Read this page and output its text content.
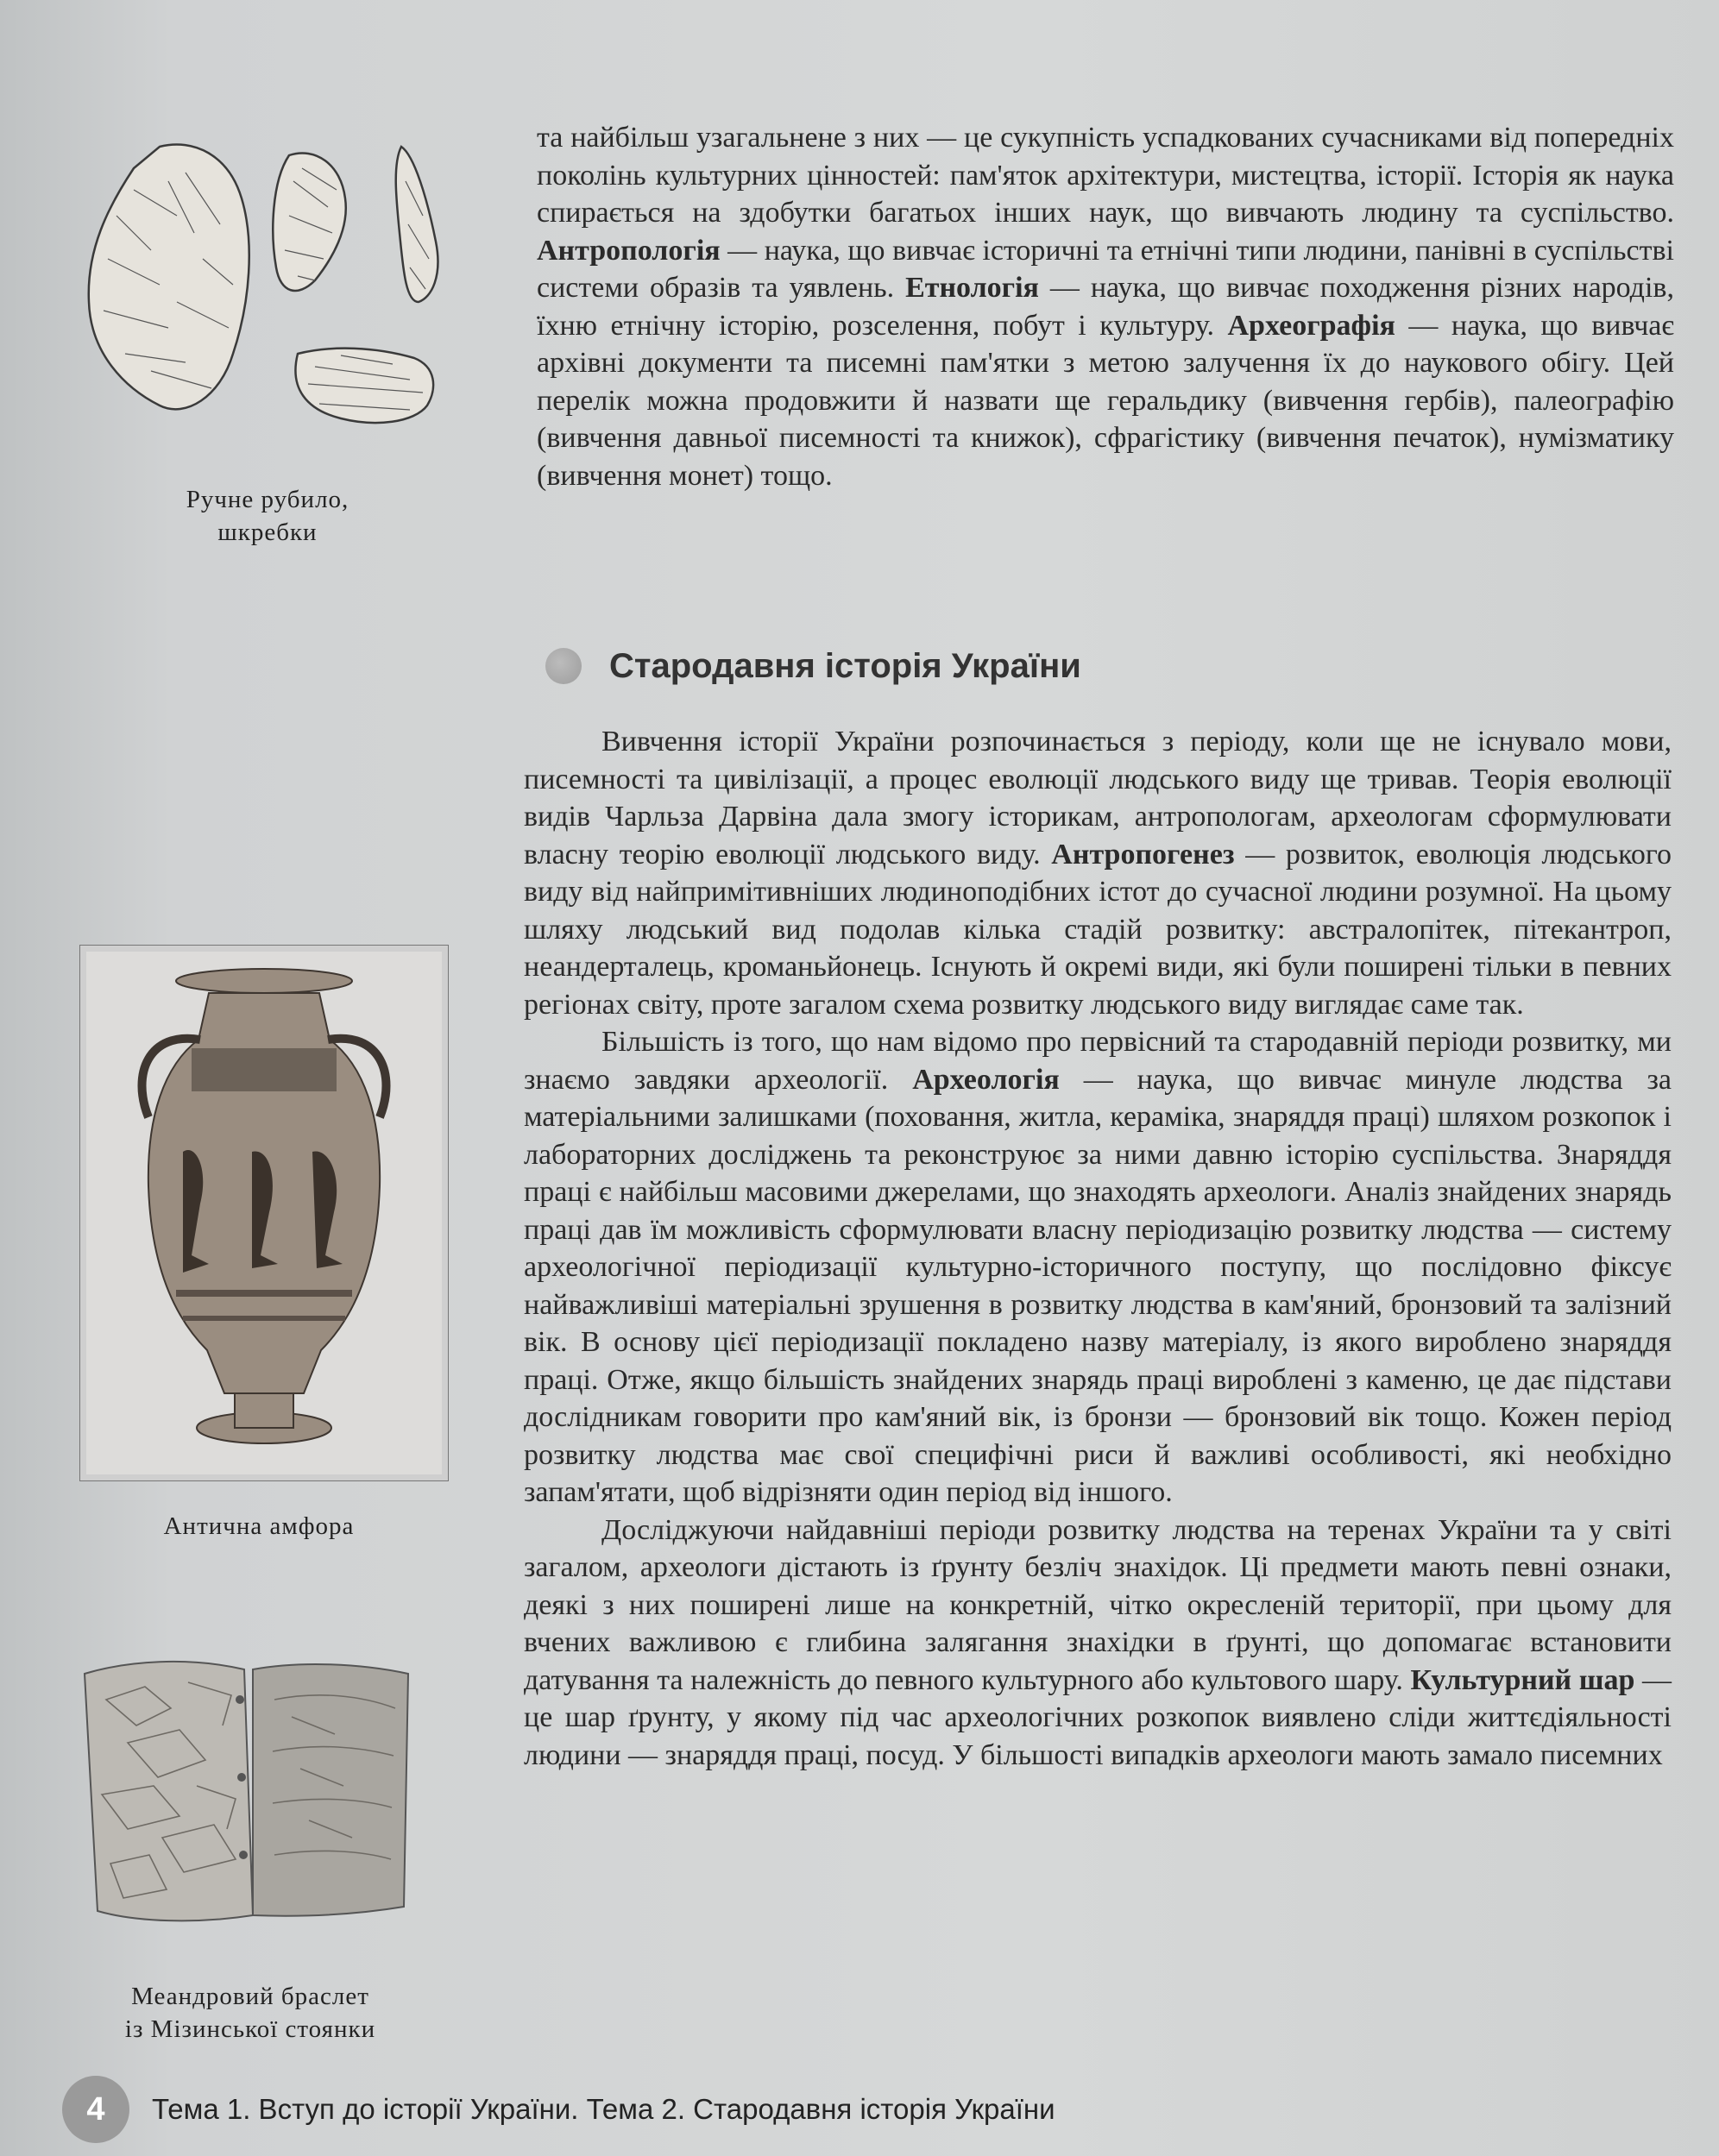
Ручне рубило,
шкребки
Антична амфора
Меандровий браслет
із Мізинської стоянки

та найбільш узагальнене з них — це сукупність успадкованих сучасниками від попередніх поколінь культурних цінностей: пам'яток архітектури, мистецтва, історії. Історія як наука спирається на здобутки багатьох інших наук, що вивчають людину та суспільство. Антропологія — наука, що вивчає історичні та етнічні типи людини, панівні в суспільстві системи образів та уявлень. Етнологія — наука, що вивчає походження різних народів, їхню етнічну історію, розселення, побут і культуру. Археографія — наука, що вивчає архівні документи та писемні пам'ятки з метою залучення їх до наукового обігу. Цей перелік можна продовжити й назвати ще геральдику (вивчення гербів), палеографію (вивчення давньої писемності та книжок), сфрагістику (вивчення печаток), нумізматику (вивчення монет) тощо.

Стародавня історія України

Вивчення історії України розпочинається з періоду, коли ще не існувало мови, писемності та цивілізації, а процес еволюції людського виду ще тривав. Теорія еволюції видів Чарльза Дарвіна дала змогу історикам, антропологам, археологам сформулювати власну теорію еволюції людського виду. Антропогенез — розвиток, еволюція людського виду від найпримітивніших людиноподібних істот до сучасної людини розумної. На цьому шляху людський вид подолав кілька стадій розвитку: австралопітек, пітекантроп, неандерталець, кроманьйонець. Існують й окремі види, які були поширені тільки в певних регіонах світу, проте загалом схема розвитку людського виду виглядає саме так.

Більшість із того, що нам відомо про первісний та стародавній періоди розвитку, ми знаємо завдяки археології. Археологія — наука, що вивчає минуле людства за матеріальними залишками (поховання, житла, кераміка, знаряддя праці) шляхом розкопок і лабораторних досліджень та реконструює за ними давню історію суспільства. Знаряддя праці є найбільш масовими джерелами, що знаходять археологи. Аналіз знайдених знарядь праці дав їм можливість сформулювати власну періодизацію розвитку людства — систему археологічної періодизації культурно-історичного поступу, що послідовно фіксує найважливіші матеріальні зрушення в розвитку людства в кам'яний, бронзовий та залізний вік. В основу цієї періодизації покладено назву матеріалу, із якого вироблено знаряддя праці. Отже, якщо більшість знайдених знарядь праці вироблені з каменю, це дає підстави дослідникам говорити про кам'яний вік, із бронзи — бронзовий вік тощо. Кожен період розвитку людства має свої специфічні риси й важливі особливості, які необхідно запам'ятати, щоб відрізняти один період від іншого.

Досліджуючи найдавніші періоди розвитку людства на теренах України та у світі загалом, археологи дістають із ґрунту безліч знахідок. Ці предмети мають певні ознаки, деякі з них поширені лише на конкретній, чітко окресленій території, при цьому для вчених важливою є глибина залягання знахідки в ґрунті, що допомагає встановити датування та належність до певного культурного або культового шару. Культурний шар — це шар ґрунту, у якому під час археологічних розкопок виявлено сліди життєдіяльності людини — знаряддя праці, посуд. У більшості випадків археологи мають замало писемних

4	Тема 1. Вступ до історії України. Тема 2. Стародавня історія України
